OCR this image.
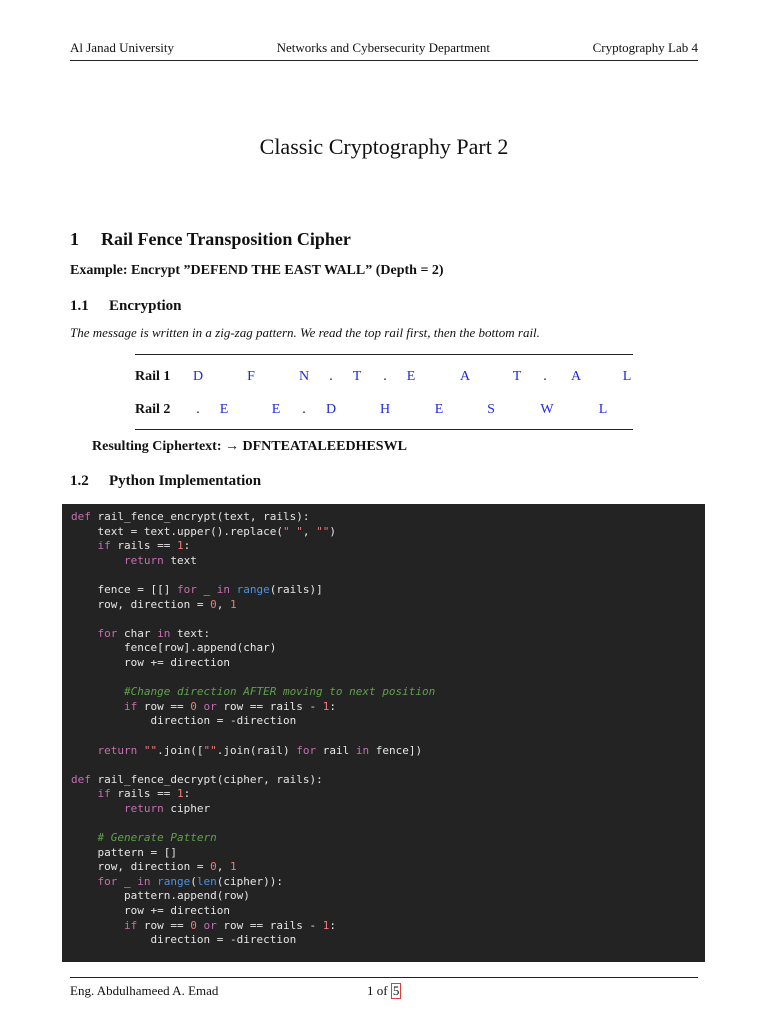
Al Janad University	Networks and Cybersecurity Department	Cryptography Lab 4
Classic Cryptography Part 2
1 Rail Fence Transposition Cipher
Example: Encrypt ”DEFEND THE EAST WALL” (Depth = 2)
1.1 Encryption
The message is written in a zig-zag pattern. We read the top rail first, then the bottom rail.
Rail 1	D	F	N	.	T	.	E	A	T	.	A	L
Rail 2	.	E	E	.	D	H	E	S	W	L
Resulting Ciphertext: → DFNTEATALEEDHESWL
1.2 Python Implementation
def rail_fence_encrypt(text, rails):
text = text.upper().replace(" ", "")
if rails == 1:
return text

fence = [[] for _ in range(rails)]
row, direction = 0, 1

for char in text:
fence[row].append(char)
row += direction

#Change direction AFTER moving to next position
if row == 0 or row == rails - 1:
direction = -direction

return "".join(["".join(rail) for rail in fence])

def rail_fence_decrypt(cipher, rails):
if rails == 1:
return cipher

# Generate Pattern
pattern = []
row, direction = 0, 1
for _ in range(len(cipher)):
pattern.append(row)
row += direction
if row == 0 or row == rails - 1:
direction = -direction
Eng. Abdulhameed A. Emad	1 of 5
